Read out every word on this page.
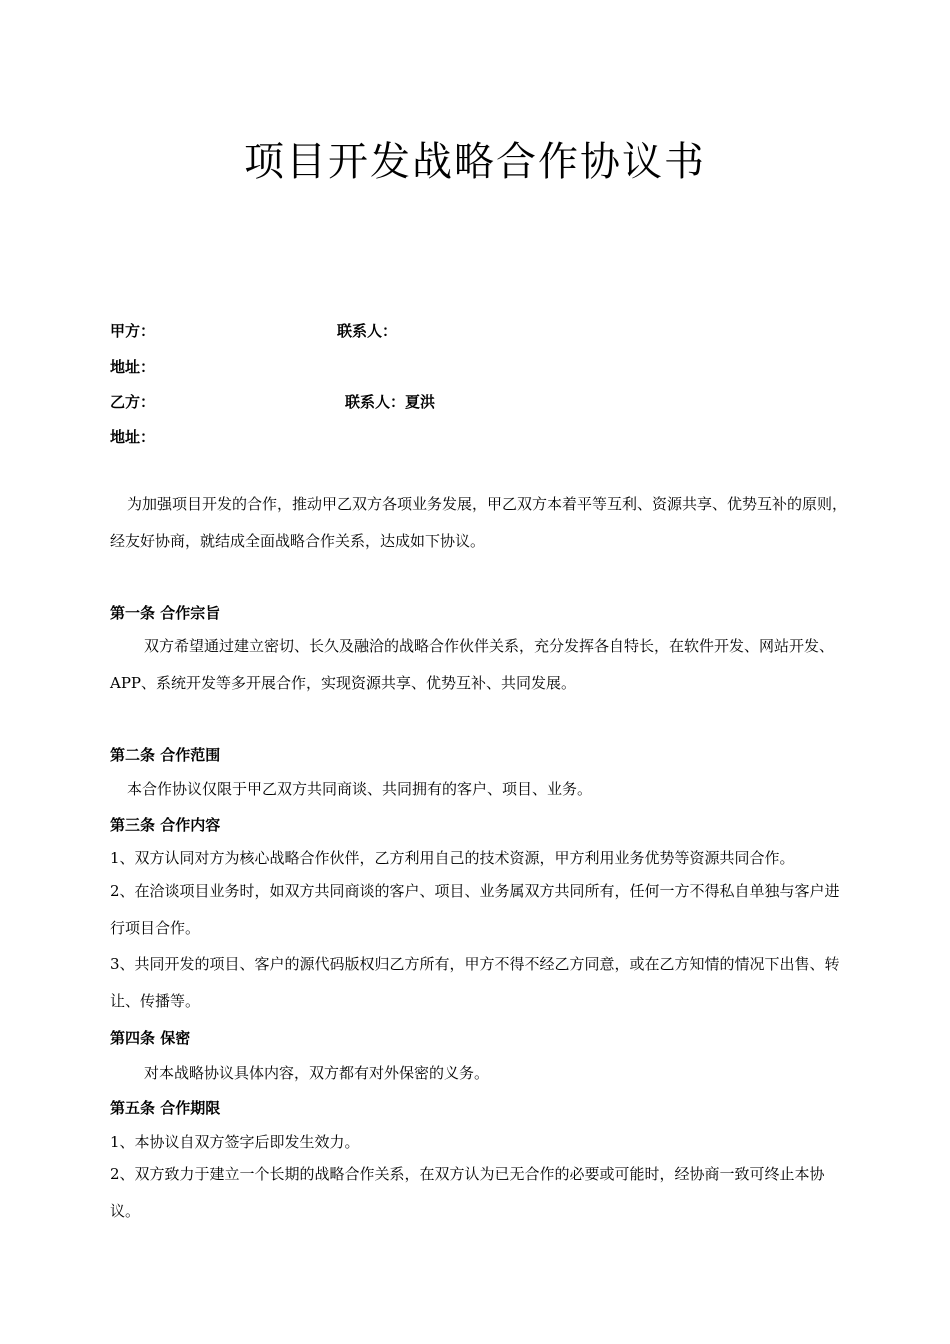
项目开发战略合作协议书
甲方：	联系人：
地址：
乙方：	联系人：夏洪
地址：

为加强项目开发的合作，推动甲乙双方各项业务发展，甲乙双方本着平等互利、资源共享、优势互补的原则，经友好协商，就结成全面战略合作关系，达成如下协议。

第一条 合作宗旨

双方希望通过建立密切、长久及融洽的战略合作伙伴关系，充分发挥各自特长，在软件开发、网站开发、APP、系统开发等多开展合作，实现资源共享、优势互补、共同发展。

第二条 合作范围
本合作协议仅限于甲乙双方共同商谈、共同拥有的客户、项目、业务。
第三条 合作内容

1、双方认同对方为核心战略合作伙伴，乙方利用自己的技术资源，甲方利用业务优势等资源共同合作。

2、在洽谈项目业务时，如双方共同商谈的客户、项目、业务属双方共同所有，任何一方不得私自单独与客户进行项目合作。

3、共同开发的项目、客户的源代码版权归乙方所有，甲方不得不经乙方同意，或在乙方知情的情况下出售、转让、传播等。

第四条 保密
对本战略协议具体内容，双方都有对外保密的义务。
第五条 合作期限
1、本协议自双方签字后即发生效力。

2、双方致力于建立一个长期的战略合作关系，在双方认为已无合作的必要或可能时，经协商一致可终止本协议。
